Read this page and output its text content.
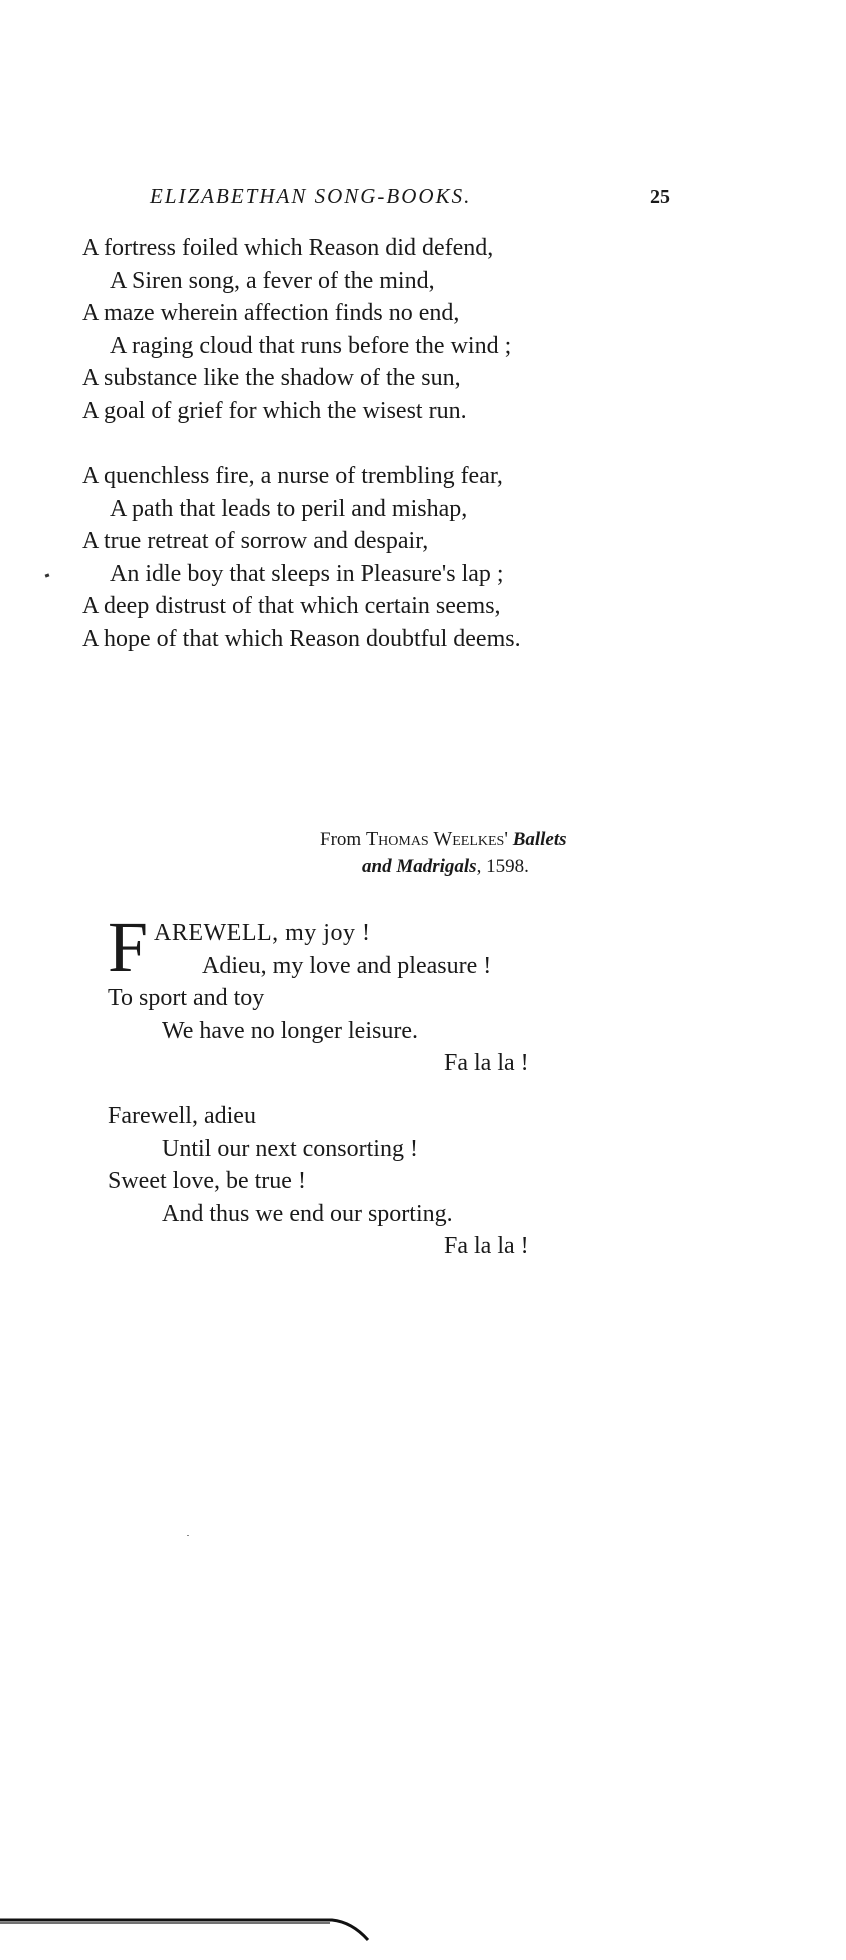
ELIZABETHAN SONG-BOOKS.	25
A fortress foiled which Reason did defend,
A Siren song, a fever of the mind,
A maze wherein affection finds no end,
A raging cloud that runs before the wind ;
A substance like the shadow of the sun,
A goal of grief for which the wisest run.
A quenchless fire, a nurse of trembling fear,
A path that leads to peril and mishap,
A true retreat of sorrow and despair,
An idle boy that sleeps in Pleasure's lap ;
A deep distrust of that which certain seems,
A hope of that which Reason doubtful deems.
From Thomas Weelkes' Ballets
and Madrigals, 1598.
F AREWELL, my joy !
Adieu, my love and pleasure !
To sport and toy
We have no longer leisure.
Fa la la !
Farewell, adieu
Until our next consorting !
Sweet love, be true !
And thus we end our sporting.
Fa la la !
